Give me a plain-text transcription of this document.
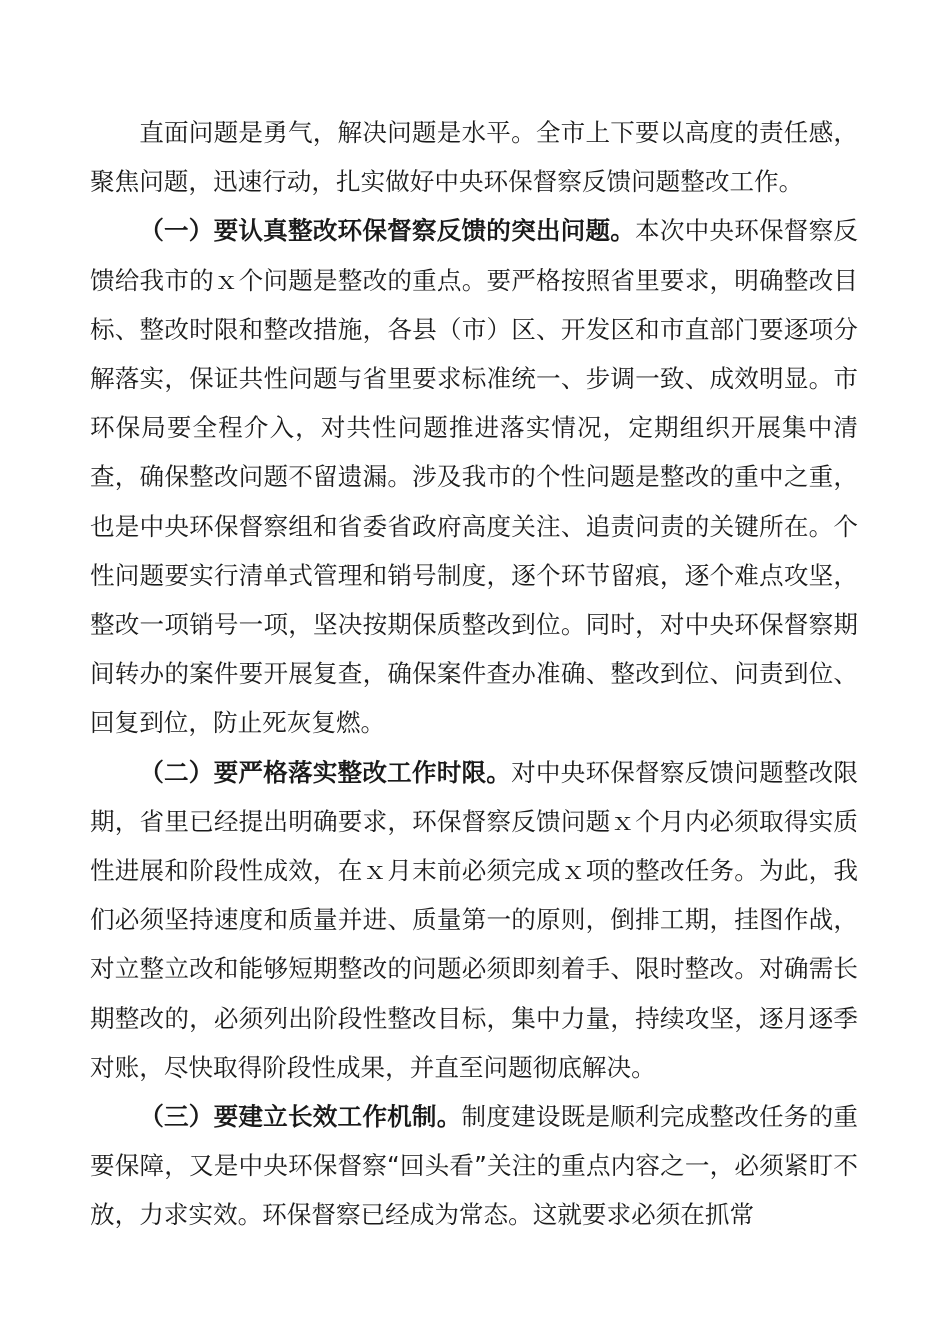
直面问题是勇气，解决问题是水平。全市上下要以高度的责任感，聚焦问题，迅速行动，扎实做好中央环保督察反馈问题整改工作。

（一）要认真整改环保督察反馈的突出问题。本次中央环保督察反馈给我市的ｘ个问题是整改的重点。要严格按照省里要求，明确整改目标、整改时限和整改措施，各县（市）区、开发区和市直部门要逐项分解落实，保证共性问题与省里要求标准统一、步调一致、成效明显。市环保局要全程介入，对共性问题推进落实情况，定期组织开展集中清查，确保整改问题不留遗漏。涉及我市的个性问题是整改的重中之重，也是中央环保督察组和省委省政府高度关注、追责问责的关键所在。个性问题要实行清单式管理和销号制度，逐个环节留痕，逐个难点攻坚，整改一项销号一项，坚决按期保质整改到位。同时，对中央环保督察期间转办的案件要开展复查，确保案件查办准确、整改到位、问责到位、回复到位，防止死灰复燃。

（二）要严格落实整改工作时限。对中央环保督察反馈问题整改限期，省里已经提出明确要求，环保督察反馈问题ｘ个月内必须取得实质性进展和阶段性成效，在ｘ月末前必须完成ｘ项的整改任务。为此，我们必须坚持速度和质量并进、质量第一的原则，倒排工期，挂图作战，对立整立改和能够短期整改的问题必须即刻着手、限时整改。对确需长期整改的，必须列出阶段性整改目标，集中力量，持续攻坚，逐月逐季对账，尽快取得阶段性成果，并直至问题彻底解决。

（三）要建立长效工作机制。制度建设既是顺利完成整改任务的重要保障，又是中央环保督察“回头看”关注的重点内容之一，必须紧盯不放，力求实效。环保督察已经成为常态。这就要求必须在抓常
